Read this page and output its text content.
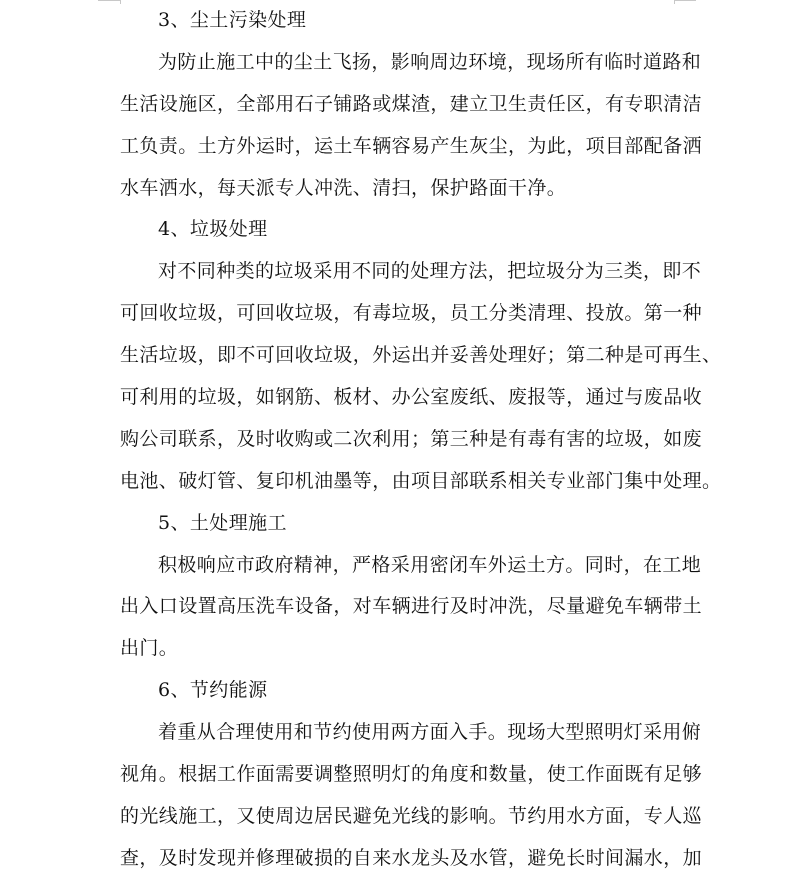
3、尘土污染处理
为防止施工中的尘土飞扬，影响周边环境，现场所有临时道路和
生活设施区，全部用石子铺路或煤渣，建立卫生责任区，有专职清洁
工负责。土方外运时，运土车辆容易产生灰尘，为此，项目部配备洒
水车洒水，每天派专人冲洗、清扫，保护路面干净。
4、垃圾处理
对不同种类的垃圾采用不同的处理方法，把垃圾分为三类，即不
可回收垃圾，可回收垃圾，有毒垃圾，员工分类清理、投放。第一种
生活垃圾，即不可回收垃圾，外运出并妥善处理好；第二种是可再生、
可利用的垃圾，如钢筋、板材、办公室废纸、废报等，通过与废品收
购公司联系，及时收购或二次利用；第三种是有毒有害的垃圾，如废
电池、破灯管、复印机油墨等，由项目部联系相关专业部门集中处理。
5、土处理施工
积极响应市政府精神，严格采用密闭车外运土方。同时，在工地
出入口设置高压洗车设备，对车辆进行及时冲洗，尽量避免车辆带土
出门。
6、节约能源
着重从合理使用和节约使用两方面入手。现场大型照明灯采用俯
视角。根据工作面需要调整照明灯的角度和数量，使工作面既有足够
的光线施工，又使周边居民避免光线的影响。节约用水方面，专人巡
查，及时发现并修理破损的自来水龙头及水管，避免长时间漏水，加
